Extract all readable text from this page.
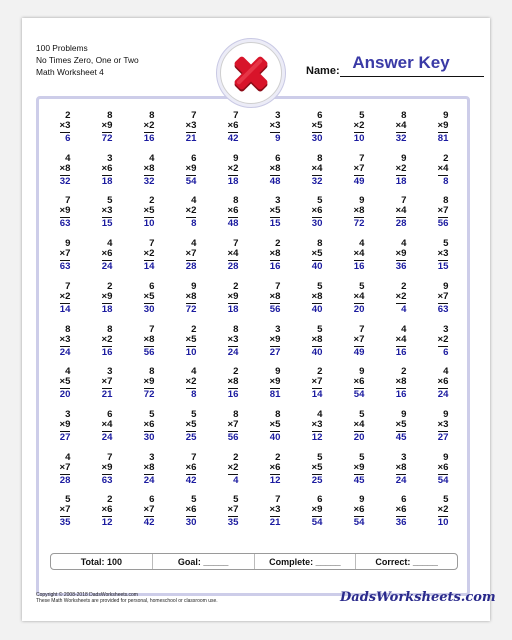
100 Problems
No Times Zero, One or Two
Math Worksheet 4	Name: Answer Key
2
×3
6
8
×9
72
8
×2
16
7
×3
21
7
×6
42
3
×3
9
6
×5
30
5
×2
10
8
×4
32
9
×9
81
4
×8
32
3
×6
18
4
×8
32
6
×9
54
9
×2
18
6
×8
48
8
×4
32
7
×7
49
9
×2
18
2
×4
8
7
×9
63
5
×3
15
2
×5
10
4
×2
8
8
×6
48
3
×5
15
5
×6
30
9
×8
72
7
×4
28
8
×7
56
9
×7
63
4
×6
24
7
×2
14
4
×7
28
7
×4
28
2
×8
16
8
×5
40
4
×4
16
4
×9
36
5
×3
15
7
×2
14
2
×9
18
6
×5
30
9
×8
72
2
×9
18
7
×8
56
5
×8
40
5
×4
20
2
×2
4
9
×7
63
8
×3
24
8
×2
16
7
×8
56
2
×5
10
8
×3
24
3
×9
27
5
×8
40
7
×7
49
4
×4
16
3
×2
6
4
×5
20
3
×7
21
8
×9
72
4
×2
8
2
×8
16
9
×9
81
2
×7
14
9
×6
54
2
×8
16
4
×6
24
3
×9
27
6
×4
24
5
×6
30
5
×5
25
8
×7
56
8
×5
40
4
×3
12
5
×4
20
9
×5
45
9
×3
27
4
×7
28
7
×9
63
3
×8
24
7
×6
42
2
×2
4
2
×6
12
5
×5
25
5
×9
45
3
×8
24
9
×6
54
5
×7
35
2
×6
12
6
×7
42
5
×6
30
5
×7
35
7
×3
21
6
×9
54
9
×6
54
6
×6
36
5
×2
10
Total: 100	Goal: _____	Complete: _____	Correct: _____
Copyright © 2008-2018 DadsWorksheets.com
These Math Worksheets are provided for personal, homeschool or classroom use.	DadsWorksheets.com
